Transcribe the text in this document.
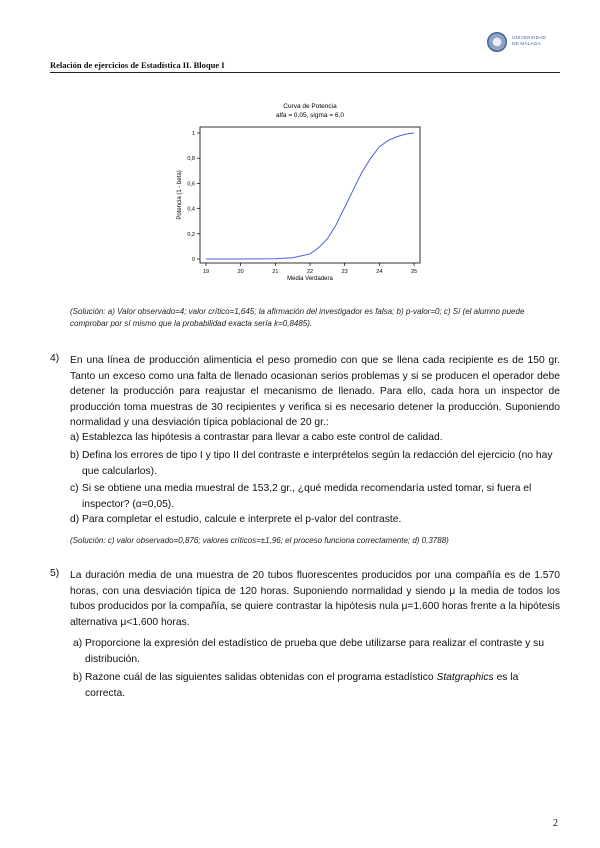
UNIVERSIDAD
DE MÁLAGA
Relación de ejercicios de Estadística II. Bloque I
Curva de Potencia
alfa = 0,05, sigma = 6,0
0
0,2
0,4
0,6
0,8
1
19	20	21	22	23	24	25
Media Verdadera
Potencia (1 - beta)
(Solución: a) Valor observado=4; valor crítico=1,645; la afirmación del investigador es falsa; b) p-valor=0; c) Sí (el alumno puede comprobar por sí mismo que la probabilidad exacta sería k=0,8485).
4) En una línea de producción alimenticia el peso promedio con que se llena cada recipiente es de 150 gr. Tanto un exceso como una falta de llenado ocasionan serios problemas y si se producen el operador debe detener la producción para reajustar el mecanismo de llenado. Para ello, cada hora un inspector de producción toma muestras de 30 recipientes y verifica si es necesario detener la producción. Suponiendo normalidad y una desviación típica poblacional de 20 gr.:
a) Establezca las hipótesis a contrastar para llevar a cabo este control de calidad.
b) Defina los errores de tipo I y tipo II del contraste e interprételos según la redacción del ejercicio (no hay que calcularlos).
c) Si se obtiene una media muestral de 153,2 gr., ¿qué medida recomendaría usted tomar, si fuera el inspector? (α=0,05).
d) Para completar el estudio, calcule e interprete el p-valor del contraste.
(Solución: c) valor observado=0,876; valores críticos=±1,96; el proceso funciona correctamente; d) 0,3788)
5) La duración media de una muestra de 20 tubos fluorescentes producidos por una compañía es de 1.570 horas, con una desviación típica de 120 horas. Suponiendo normalidad y siendo μ la media de todos los tubos producidos por la compañía, se quiere contrastar la hipótesis nula μ=1.600 horas frente a la hipótesis alternativa μ<1.600 horas.
a) Proporcione la expresión del estadístico de prueba que debe utilizarse para realizar el contraste y su distribución.
b) Razone cuál de las siguientes salidas obtenidas con el programa estadístico Statgraphics es la correcta.
2
